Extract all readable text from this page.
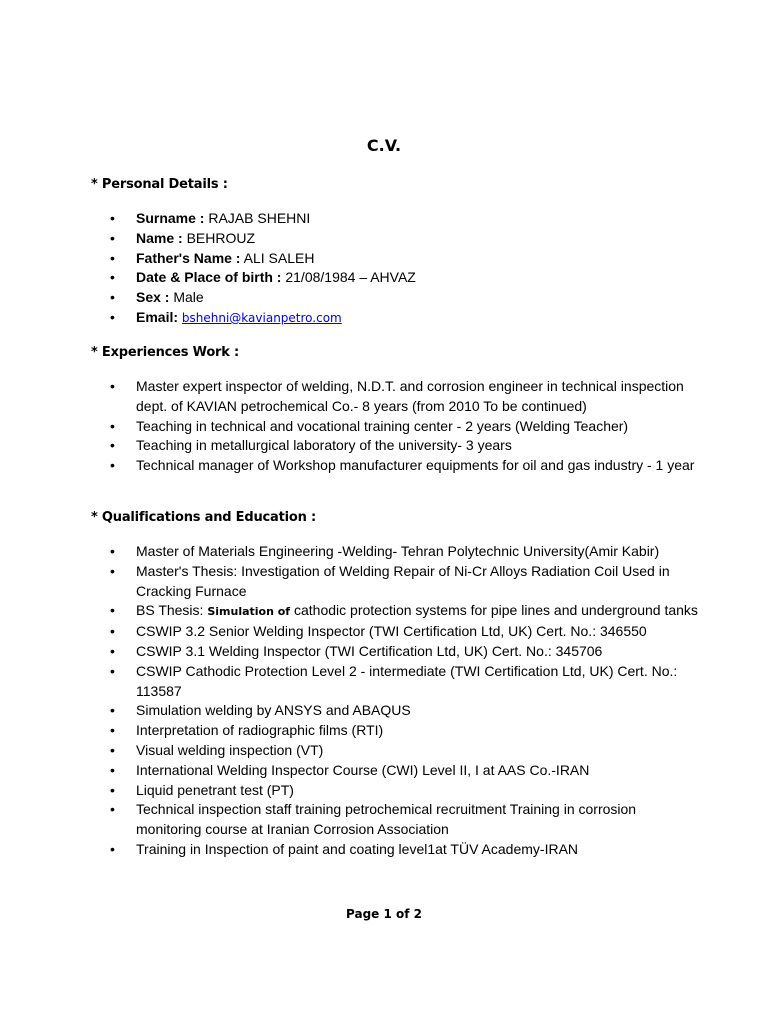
C.V.
* Personal Details :
• Surname : RAJAB SHEHNI
• Name : BEHROUZ
• Father's Name : ALI SALEH
• Date & Place of birth : 21/08/1984 – AHVAZ
• Sex : Male
• Email: bshehni@kavianpetro.com
* Experiences Work :
• Master expert inspector of welding, N.D.T. and corrosion engineer in technical inspection dept. of KAVIAN petrochemical Co.- 8 years (from 2010 To be continued)
• Teaching in technical and vocational training center - 2 years (Welding Teacher)
• Teaching in metallurgical laboratory of the university- 3 years
• Technical manager of Workshop manufacturer equipments for oil and gas industry - 1 year
* Qualifications and Education :
• Master of Materials Engineering -Welding- Tehran Polytechnic University(Amir Kabir)
• Master's Thesis: Investigation of Welding Repair of Ni-Cr Alloys Radiation Coil Used in Cracking Furnace
• BS Thesis: Simulation of cathodic protection systems for pipe lines and underground tanks
• CSWIP 3.2 Senior Welding Inspector (TWI Certification Ltd, UK) Cert. No.: 346550
• CSWIP 3.1 Welding Inspector (TWI Certification Ltd, UK) Cert. No.: 345706
• CSWIP Cathodic Protection Level 2 - intermediate (TWI Certification Ltd, UK) Cert. No.: 113587
• Simulation welding by ANSYS and ABAQUS
• Interpretation of radiographic films (RTI)
• Visual welding inspection (VT)
• International Welding Inspector Course (CWI) Level II, I at AAS Co.-IRAN
• Liquid penetrant test (PT)
• Technical inspection staff training petrochemical recruitment Training in corrosion monitoring course at Iranian Corrosion Association
• Training in Inspection of paint and coating level1at TÜV Academy-IRAN
Page 1 of 2
